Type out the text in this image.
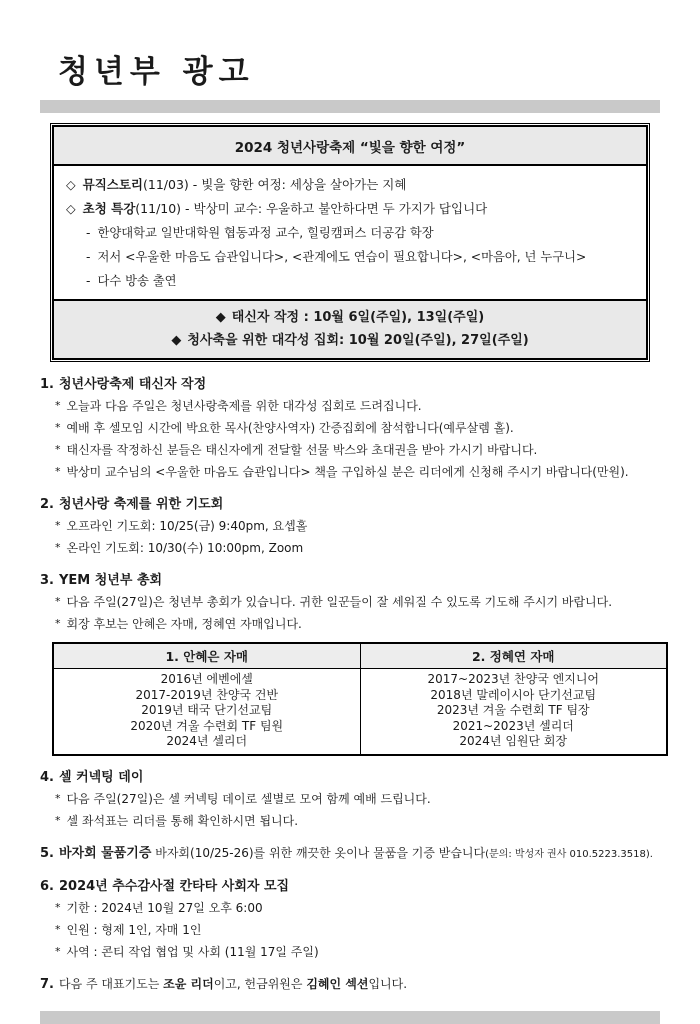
청년부 광고
2024 청년사랑축제 “빛을 향한 여정”
◇ 뮤직스토리(11/03) - 빛을 향한 여정: 세상을 살아가는 지혜
◇ 초청 특강(11/10) - 박상미 교수: 우울하고 불안하다면 두 가지가 답입니다
- 한양대학교 일반대학원 협동과정 교수, 힐링캠퍼스 더공감 학장
- 저서 <우울한 마음도 습관입니다>, <관계에도 연습이 필요합니다>, <마음아, 넌 누구니>
- 다수 방송 출연
◆ 태신자 작정 : 10월 6일(주일), 13일(주일)
◆ 청사축을 위한 대각성 집회: 10월 20일(주일), 27일(주일)
1. 청년사랑축제 태신자 작정
* 오늘과 다음 주일은 청년사랑축제를 위한 대각성 집회로 드려집니다.
* 예배 후 셀모임 시간에 박요한 목사(찬양사역자) 간증집회에 참석합니다(예루살렘 홀).
* 태신자를 작정하신 분들은 태신자에게 전달할 선물 박스와 초대권을 받아 가시기 바랍니다.
* 박상미 교수님의 <우울한 마음도 습관입니다> 책을 구입하실 분은 리더에게 신청해 주시기 바랍니다(만원).
2. 청년사랑 축제를 위한 기도회
* 오프라인 기도회: 10/25(금) 9:40pm, 요셉홀
* 온라인 기도회: 10/30(수) 10:00pm, Zoom
3. YEM 청년부 총회
* 다음 주일(27일)은 청년부 총회가 있습니다. 귀한 일꾼들이 잘 세워질 수 있도록 기도해 주시기 바랍니다.
* 회장 후보는 안혜은 자매, 정혜연 자매입니다.
1. 안혜은 자매	2. 정혜연 자매

2016년 에벤에셀
2017-2019년 찬양국 건반
2019년 태국 단기선교팀
2020년 겨울 수련회 TF 팀원
2024년 셀리더

2017~2023년 찬양국 엔지니어
2018년 말레이시아 단기선교팀
2023년 겨울 수련회 TF 팀장
2021~2023년 셀리더
2024년 임원단 회장
4. 셀 커넥팅 데이
* 다음 주일(27일)은 셀 커넥팅 데이로 셀별로 모여 함께 예배 드립니다.
* 셀 좌석표는 리더를 통해 확인하시면 됩니다.
5. 바자회 물품기증 바자회(10/25-26)를 위한 깨끗한 옷이나 물품을 기증 받습니다(문의: 박성자 권사 010.5223.3518).
6. 2024년 추수감사절 칸타타 사회자 모집
* 기한 : 2024년 10월 27일 오후 6:00
* 인원 : 형제 1인, 자매 1인
* 사역 : 콘티 작업 협업 및 사회 (11월 17일 주일)
7. 다음 주 대표기도는 조윤 리더이고, 헌금위원은 김혜인 섹션입니다.
